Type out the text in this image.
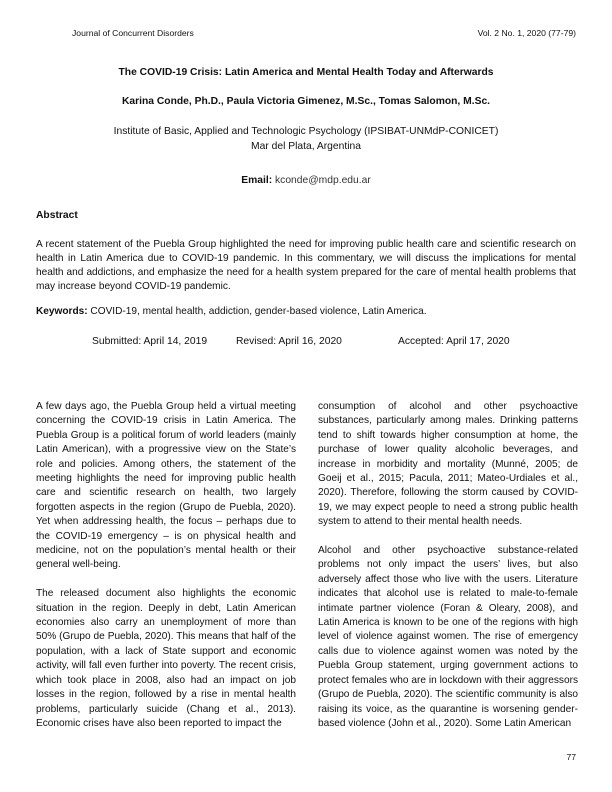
Journal of Concurrent Disorders	Vol. 2 No. 1, 2020 (77-79)
The COVID-19 Crisis: Latin America and Mental Health Today and Afterwards
Karina Conde, Ph.D., Paula Victoria Gimenez, M.Sc., Tomas Salomon, M.Sc.
Institute of Basic, Applied and Technologic Psychology (IPSIBAT-UNMdP-CONICET)
Mar del Plata, Argentina
Email: kconde@mdp.edu.ar
Abstract
A recent statement of the Puebla Group highlighted the need for improving public health care and scientific research on health in Latin America due to COVID-19 pandemic. In this commentary, we will discuss the implications for mental health and addictions, and emphasize the need for a health system prepared for the care of mental health problems that may increase beyond COVID-19 pandemic.
Keywords: COVID-19, mental health, addiction, gender-based violence, Latin America.
Submitted: April 14, 2019	Revised: April 16, 2020	Accepted: April 17, 2020

A few days ago, the Puebla Group held a virtual meeting concerning the COVID-19 crisis in Latin America. The Puebla Group is a political forum of world leaders (mainly Latin American), with a progressive view on the State’s role and policies. Among others, the statement of the meeting highlights the need for improving public health care and scientific research on health, two largely forgotten aspects in the region (Grupo de Puebla, 2020). Yet when addressing health, the focus – perhaps due to the COVID-19 emergency – is on physical health and medicine, not on the population’s mental health or their general well-being.

The released document also highlights the economic situation in the region. Deeply in debt, Latin American economies also carry an unemployment of more than 50% (Grupo de Puebla, 2020). This means that half of the population, with a lack of State support and economic activity, will fall even further into poverty. The recent crisis, which took place in 2008, also had an impact on job losses in the region, followed by a rise in mental health problems, particularly suicide (Chang et al., 2013). Economic crises have also been reported to impact the

consumption of alcohol and other psychoactive substances, particularly among males. Drinking patterns tend to shift towards higher consumption at home, the purchase of lower quality alcoholic beverages, and increase in morbidity and mortality (Munné, 2005; de Goeij et al., 2015; Pacula, 2011; Mateo-Urdiales et al., 2020). Therefore, following the storm caused by COVID-19, we may expect people to need a strong public health system to attend to their mental health needs.

Alcohol and other psychoactive substance-related problems not only impact the users’ lives, but also adversely affect those who live with the users. Literature indicates that alcohol use is related to male-to-female intimate partner violence (Foran & Oleary, 2008), and Latin America is known to be one of the regions with high level of violence against women. The rise of emergency calls due to violence against women was noted by the Puebla Group statement, urging government actions to protect females who are in lockdown with their aggressors (Grupo de Puebla, 2020). The scientific community is also raising its voice, as the quarantine is worsening gender-based violence (John et al., 2020). Some Latin American

77
